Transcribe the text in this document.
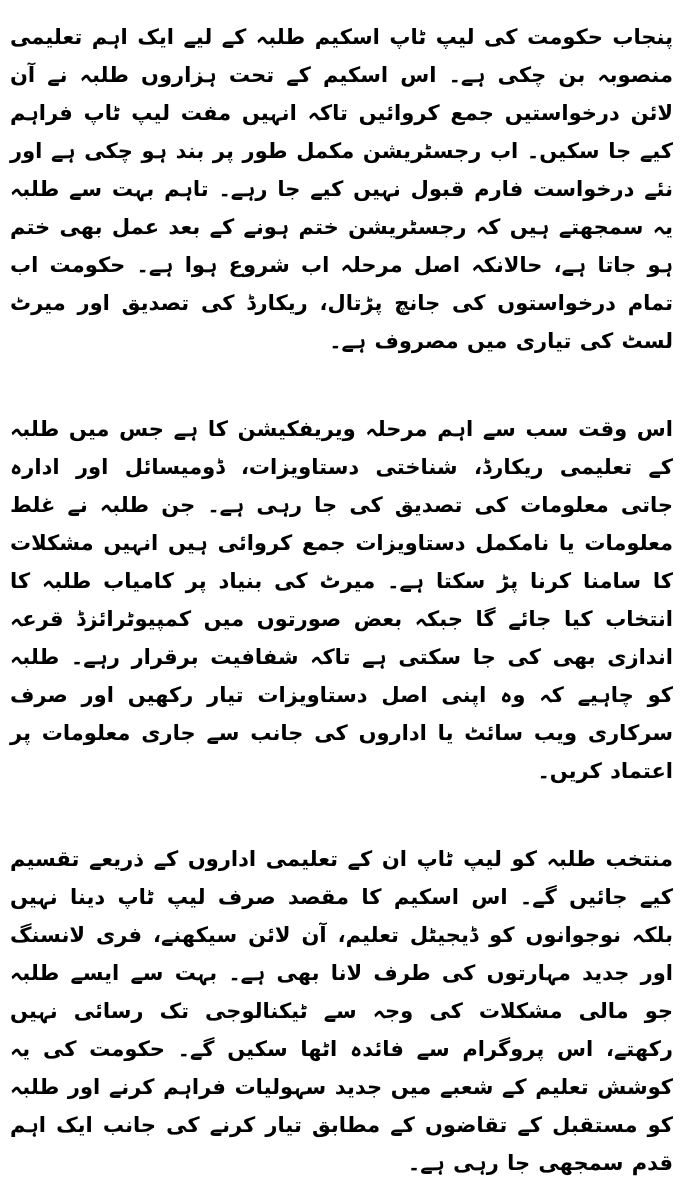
پنجاب حکومت کی لیپ ٹاپ اسکیم طلبہ کے لیے ایک اہم تعلیمی منصوبہ بن چکی ہے۔ اس اسکیم کے تحت ہزاروں طلبہ نے آن لائن درخواستیں جمع کروائیں تاکہ انہیں مفت لیپ ٹاپ فراہم کیے جا سکیں۔ اب رجسٹریشن مکمل طور پر بند ہو چکی ہے اور نئے درخواست فارم قبول نہیں کیے جا رہے۔ تاہم بہت سے طلبہ یہ سمجھتے ہیں کہ رجسٹریشن ختم ہونے کے بعد عمل بھی ختم ہو جاتا ہے، حالانکہ اصل مرحلہ اب شروع ہوا ہے۔ حکومت اب تمام درخواستوں کی جانچ پڑتال، ریکارڈ کی تصدیق اور میرٹ لسٹ کی تیاری میں مصروف ہے۔

اس وقت سب سے اہم مرحلہ ویریفکیشن کا ہے جس میں طلبہ کے تعلیمی ریکارڈ، شناختی دستاویزات، ڈومیسائل اور ادارہ جاتی معلومات کی تصدیق کی جا رہی ہے۔ جن طلبہ نے غلط معلومات یا نامکمل دستاویزات جمع کروائی ہیں انہیں مشکلات کا سامنا کرنا پڑ سکتا ہے۔ میرٹ کی بنیاد پر کامیاب طلبہ کا انتخاب کیا جائے گا جبکہ بعض صورتوں میں کمپیوٹرائزڈ قرعہ اندازی بھی کی جا سکتی ہے تاکہ شفافیت برقرار رہے۔ طلبہ کو چاہیے کہ وہ اپنی اصل دستاویزات تیار رکھیں اور صرف سرکاری ویب سائٹ یا اداروں کی جانب سے جاری معلومات پر اعتماد کریں۔

منتخب طلبہ کو لیپ ٹاپ ان کے تعلیمی اداروں کے ذریعے تقسیم کیے جائیں گے۔ اس اسکیم کا مقصد صرف لیپ ٹاپ دینا نہیں بلکہ نوجوانوں کو ڈیجیٹل تعلیم، آن لائن سیکھنے، فری لانسنگ اور جدید مہارتوں کی طرف لانا بھی ہے۔ بہت سے ایسے طلبہ جو مالی مشکلات کی وجہ سے ٹیکنالوجی تک رسائی نہیں رکھتے، اس پروگرام سے فائدہ اٹھا سکیں گے۔ حکومت کی یہ کوشش تعلیم کے شعبے میں جدید سہولیات فراہم کرنے اور طلبہ کو مستقبل کے تقاضوں کے مطابق تیار کرنے کی جانب ایک اہم قدم سمجھی جا رہی ہے۔
